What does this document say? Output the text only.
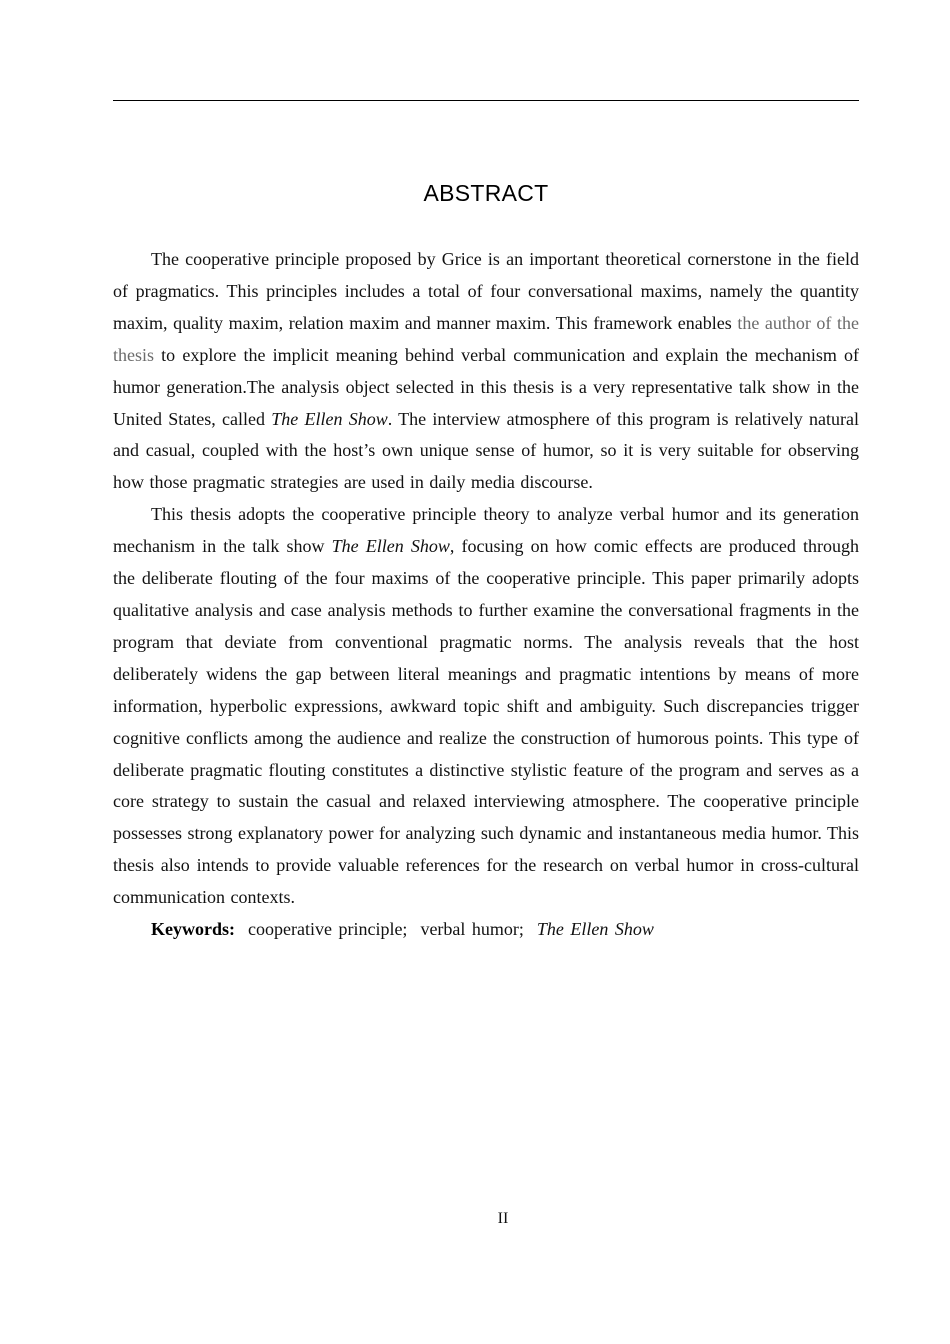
ABSTRACT

The cooperative principle proposed by Grice is an important theoretical cornerstone in the field of pragmatics. This principles includes a total of four conversational maxims, namely the quantity maxim, quality maxim, relation maxim and manner maxim. This framework enables the author of the thesis to explore the implicit meaning behind verbal communication and explain the mechanism of humor generation.The analysis object selected in this thesis is a very representative talk show in the United States, called The Ellen Show. The interview atmosphere of this program is relatively natural and casual, coupled with the host’s own unique sense of humor, so it is very suitable for observing how those pragmatic strategies are used in daily media discourse.

This thesis adopts the cooperative principle theory to analyze verbal humor and its generation mechanism in the talk show The Ellen Show, focusing on how comic effects are produced through the deliberate flouting of the four maxims of the cooperative principle. This paper primarily adopts qualitative analysis and case analysis methods to further examine the conversational fragments in the program that deviate from conventional pragmatic norms. The analysis reveals that the host deliberately widens the gap between literal meanings and pragmatic intentions by means of more information, hyperbolic expressions, awkward topic shift and ambiguity. Such discrepancies trigger cognitive conflicts among the audience and realize the construction of humorous points. This type of deliberate pragmatic flouting constitutes a distinctive stylistic feature of the program and serves as a core strategy to sustain the casual and relaxed interviewing atmosphere. The cooperative principle possesses strong explanatory power for analyzing such dynamic and instantaneous media humor. This thesis also intends to provide valuable references for the research on verbal humor in cross-cultural communication contexts.

Keywords: cooperative principle; verbal humor; The Ellen Show

II
